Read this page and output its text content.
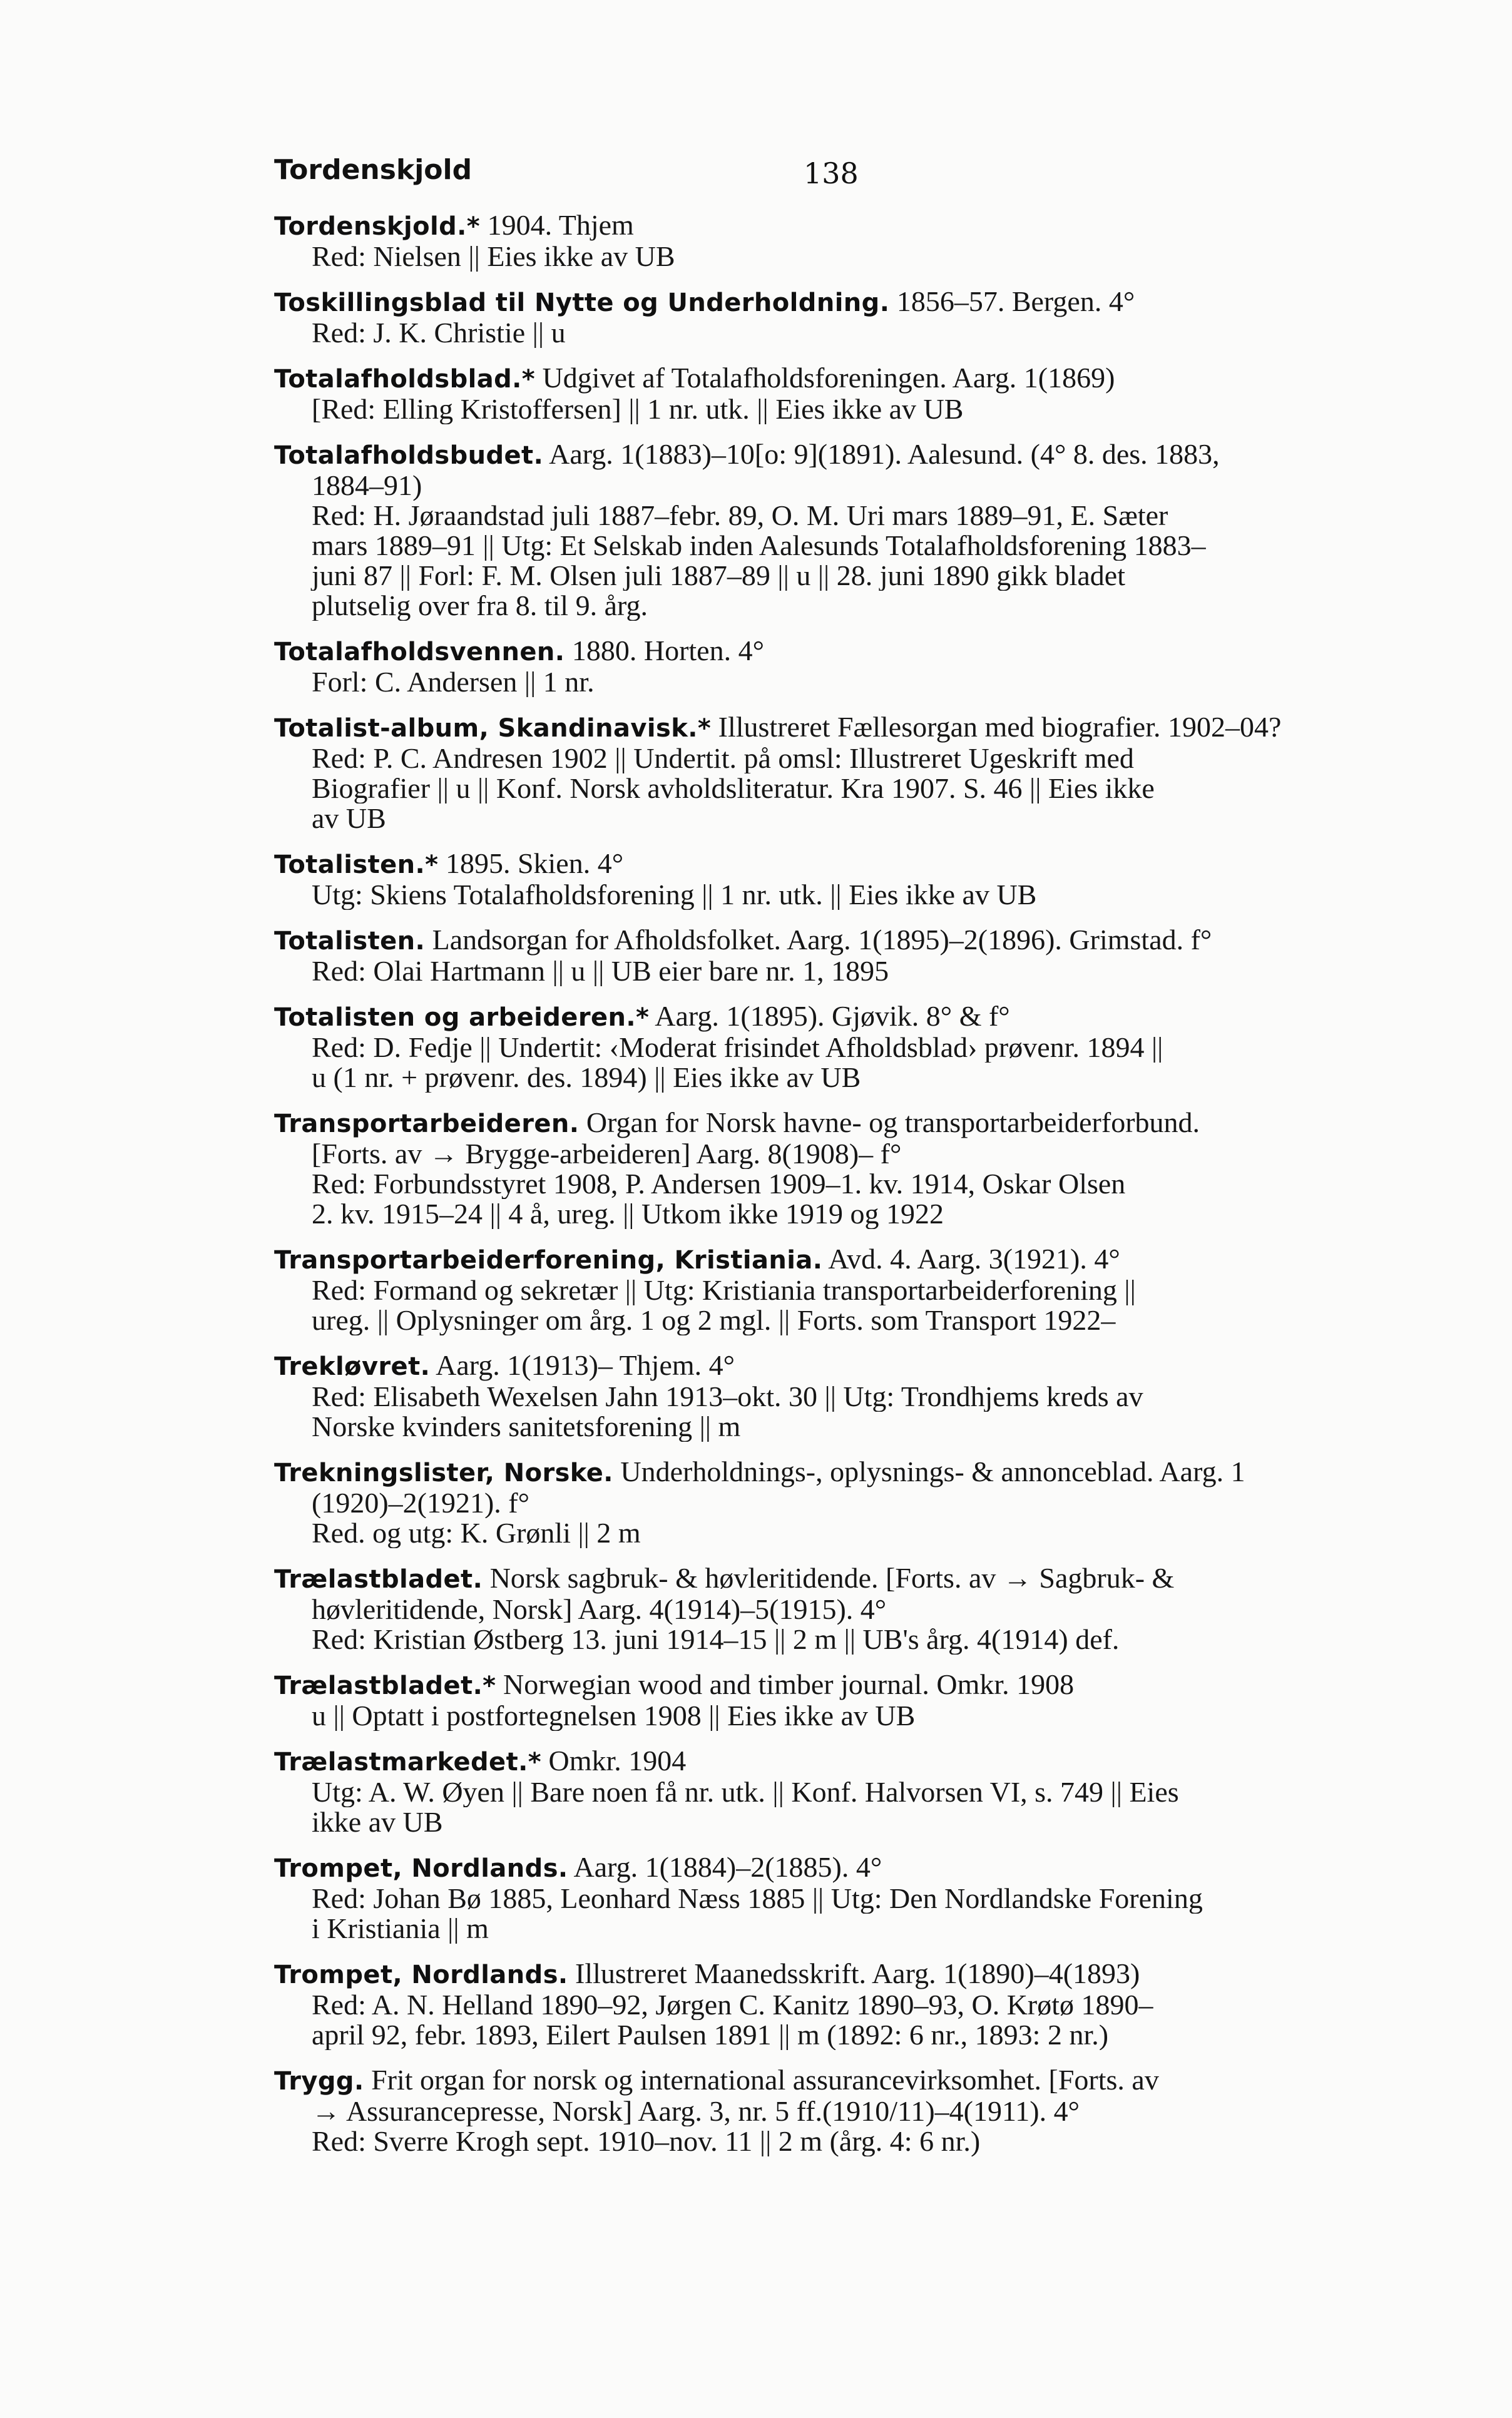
Tordenskjold	138
Tordenskjold.* 1904. Thjem
Red: Nielsen || Eies ikke av UB
Toskillingsblad til Nytte og Underholdning. 1856–57. Bergen. 4°
Red: J. K. Christie || u
Totalafholdsblad.* Udgivet af Totalafholdsforeningen. Aarg. 1(1869)
[Red: Elling Kristoffersen] || 1 nr. utk. || Eies ikke av UB
Totalafholdsbudet. Aarg. 1(1883)–10[o: 9](1891). Aalesund. (4° 8. des. 1883,
1884–91)
Red: H. Jøraandstad juli 1887–febr. 89, O. M. Uri mars 1889–91, E. Sæter
mars 1889–91 || Utg: Et Selskab inden Aalesunds Totalafholdsforening 1883–
juni 87 || Forl: F. M. Olsen juli 1887–89 || u || 28. juni 1890 gikk bladet
plutselig over fra 8. til 9. årg.
Totalafholdsvennen. 1880. Horten. 4°
Forl: C. Andersen || 1 nr.
Totalist-album, Skandinavisk.* Illustreret Fællesorgan med biografier. 1902–04?
Red: P. C. Andresen 1902 || Undertit. på omsl: Illustreret Ugeskrift med
Biografier || u || Konf. Norsk avholdsliteratur. Kra 1907. S. 46 || Eies ikke
av UB
Totalisten.* 1895. Skien. 4°
Utg: Skiens Totalafholdsforening || 1 nr. utk. || Eies ikke av UB
Totalisten. Landsorgan for Afholdsfolket. Aarg. 1(1895)–2(1896). Grimstad. f°
Red: Olai Hartmann || u || UB eier bare nr. 1, 1895
Totalisten og arbeideren.* Aarg. 1(1895). Gjøvik. 8° & f°
Red: D. Fedje || Undertit: ‹Moderat frisindet Afholdsblad› prøvenr. 1894 ||
u (1 nr. + prøvenr. des. 1894) || Eies ikke av UB
Transportarbeideren. Organ for Norsk havne- og transportarbeiderforbund.
[Forts. av → Brygge-arbeideren] Aarg. 8(1908)– f°
Red: Forbundsstyret 1908, P. Andersen 1909–1. kv. 1914, Oskar Olsen
2. kv. 1915–24 || 4 å, ureg. || Utkom ikke 1919 og 1922
Transportarbeiderforening, Kristiania. Avd. 4. Aarg. 3(1921). 4°
Red: Formand og sekretær || Utg: Kristiania transportarbeiderforening ||
ureg. || Oplysninger om årg. 1 og 2 mgl. || Forts. som Transport 1922–
Trekløvret. Aarg. 1(1913)– Thjem. 4°
Red: Elisabeth Wexelsen Jahn 1913–okt. 30 || Utg: Trondhjems kreds av
Norske kvinders sanitetsforening || m
Trekningslister, Norske. Underholdnings-, oplysnings- & annonceblad. Aarg. 1
(1920)–2(1921). f°
Red. og utg: K. Grønli || 2 m
Trælastbladet. Norsk sagbruk- & høvleritidende. [Forts. av → Sagbruk- &
høvleritidende, Norsk] Aarg. 4(1914)–5(1915). 4°
Red: Kristian Østberg 13. juni 1914–15 || 2 m || UB's årg. 4(1914) def.
Trælastbladet.* Norwegian wood and timber journal. Omkr. 1908
u || Optatt i postfortegnelsen 1908 || Eies ikke av UB
Trælastmarkedet.* Omkr. 1904
Utg: A. W. Øyen || Bare noen få nr. utk. || Konf. Halvorsen VI, s. 749 || Eies
ikke av UB
Trompet, Nordlands. Aarg. 1(1884)–2(1885). 4°
Red: Johan Bø 1885, Leonhard Næss 1885 || Utg: Den Nordlandske Forening
i Kristiania || m
Trompet, Nordlands. Illustreret Maanedsskrift. Aarg. 1(1890)–4(1893)
Red: A. N. Helland 1890–92, Jørgen C. Kanitz 1890–93, O. Krøtø 1890–
april 92, febr. 1893, Eilert Paulsen 1891 || m (1892: 6 nr., 1893: 2 nr.)
Trygg. Frit organ for norsk og international assurancevirksomhet. [Forts. av
→ Assurancepresse, Norsk] Aarg. 3, nr. 5 ff.(1910/11)–4(1911). 4°
Red: Sverre Krogh sept. 1910–nov. 11 || 2 m (årg. 4: 6 nr.)
